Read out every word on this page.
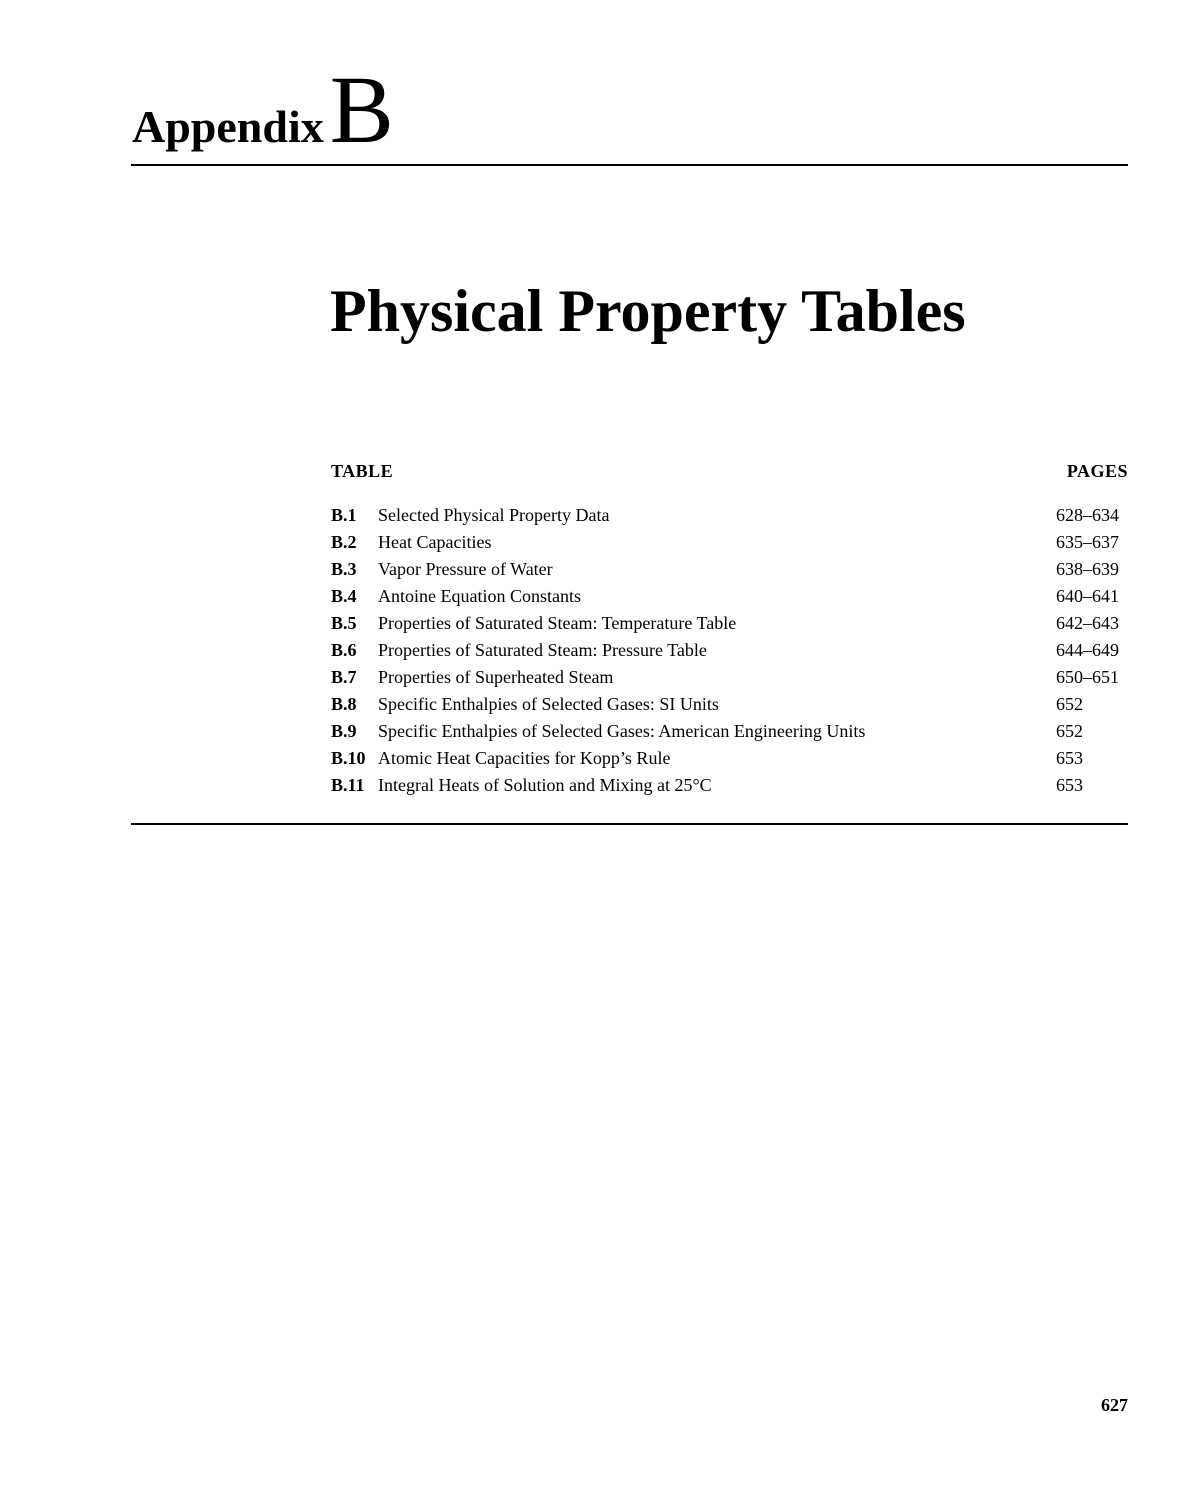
AppendixB
Physical Property Tables
TABLE	PAGES
B.1 Selected Physical Property Data	628–634
B.2 Heat Capacities	635–637
B.3 Vapor Pressure of Water	638–639
B.4 Antoine Equation Constants	640–641
B.5 Properties of Saturated Steam: Temperature Table	642–643
B.6 Properties of Saturated Steam: Pressure Table	644–649
B.7 Properties of Superheated Steam	650–651
B.8 Specific Enthalpies of Selected Gases: SI Units	652
B.9 Specific Enthalpies of Selected Gases: American Engineering Units	652
B.10 Atomic Heat Capacities for Kopp’s Rule	653
B.11 Integral Heats of Solution and Mixing at 25°C	653
627
